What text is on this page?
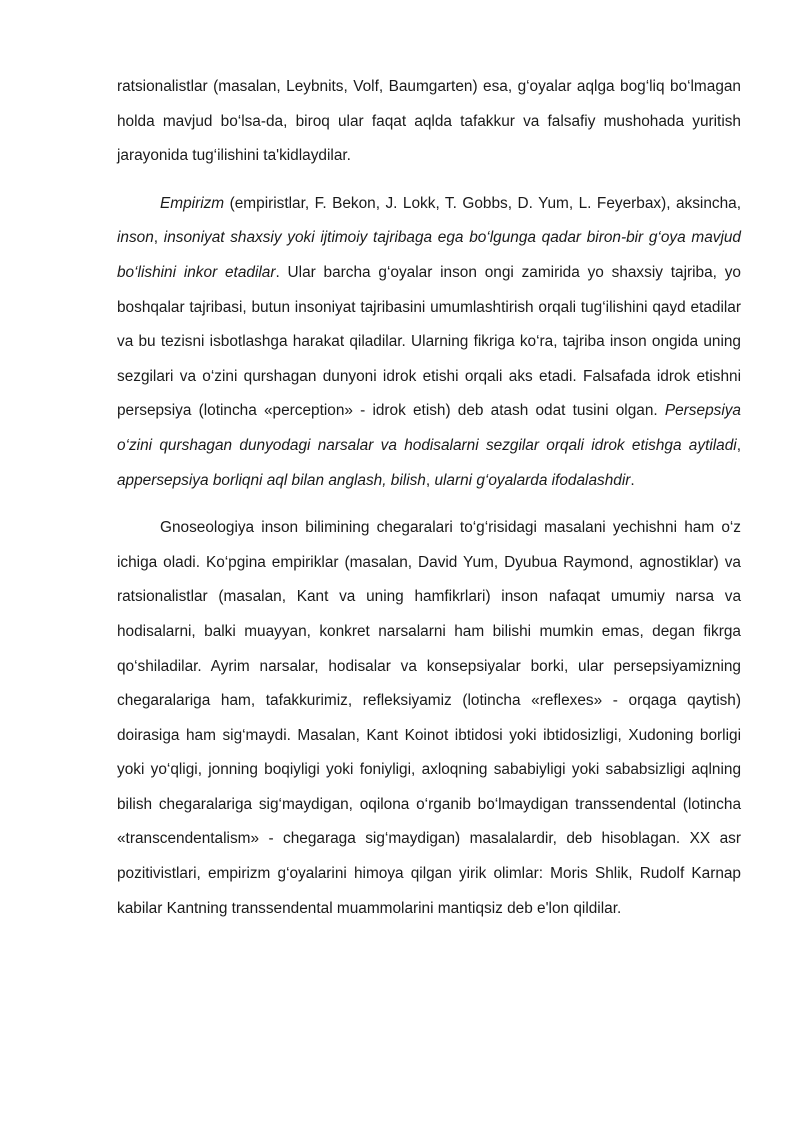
ratsionalistlar (masalan, Leybnits, Volf, Baumgarten) esa, g‘oyalar aqlga bog‘liq bo‘lmagan holda mavjud bo‘lsa-da, biroq ular faqat aqlda tafakkur va falsafiy mushohada yuritish jarayonida tug‘ilishini ta'kidlaydilar.

Empirizm (empiristlar, F. Bekon, J. Lokk, T. Gobbs, D. Yum, L. Feyerbax), aksincha, inson, insoniyat shaxsiy yoki ijtimoiy tajribaga ega bo‘lgunga qadar biron-bir g‘oya mavjud bo‘lishini inkor etadilar. Ular barcha g‘oyalar inson ongi zamirida yo shaxsiy tajriba, yo boshqalar tajribasi, butun insoniyat tajribasini umumlashtirish orqali tug‘ilishini qayd etadilar va bu tezisni isbotlashga harakat qiladilar. Ularning fikriga ko‘ra, tajriba inson ongida uning sezgilari va o‘zini qurshagan dunyoni idrok etishi orqali aks etadi. Falsafada idrok etishni persepsiya (lotincha «perception» - idrok etish) deb atash odat tusini olgan. Persepsiya o‘zini qurshagan dunyodagi narsalar va hodisalarni sezgilar orqali idrok etishga aytiladi, appersepsiya borliqni aql bilan anglash, bilish, ularni g‘oyalarda ifodalashdir.

Gnoseologiya inson bilimining chegaralari to‘g‘risidagi masalani yechishni ham o‘z ichiga oladi. Ko‘pgina empiriklar (masalan, David Yum, Dyubua Raymond, agnostiklar) va ratsionalistlar (masalan, Kant va uning hamfikrlari) inson nafaqat umumiy narsa va hodisalarni, balki muayyan, konkret narsalarni ham bilishi mumkin emas, degan fikrga qo‘shiladilar. Ayrim narsalar, hodisalar va konsepsiyalar borki, ular persepsiyamizning chegaralariga ham, tafakkurimiz, refleksiyamiz (lotincha «reflexes» - orqaga qaytish) doirasiga ham sig‘maydi. Masalan, Kant Koinot ibtidosi yoki ibtidosizligi, Xudoning borligi yoki yo‘qligi, jonning boqiyligi yoki foniyligi, axloqning sababiyligi yoki sababsizligi aqlning bilish chegaralariga sig‘maydigan, oqilona o‘rganib bo‘lmaydigan transsendental (lotincha «transcendentalism» - chegaraga sig‘maydigan) masalalardir, deb hisoblagan. XX asr pozitivistlari, empirizm g‘oyalarini himoya qilgan yirik olimlar: Moris Shlik, Rudolf Karnap kabilar Kantning transsendental muammolarini mantiqsiz deb e'lon qildilar.
